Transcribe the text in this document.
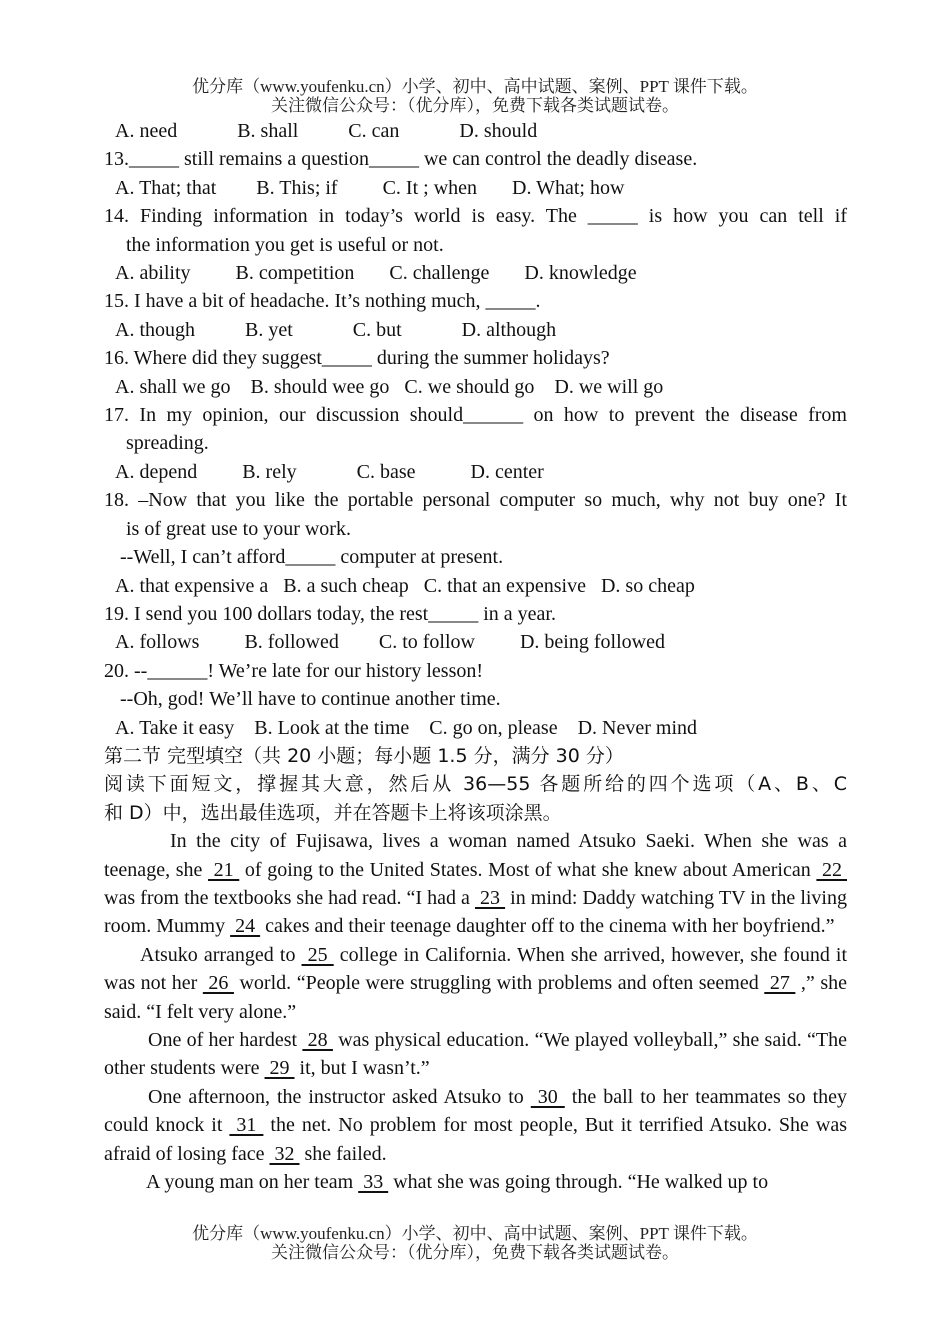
优分库（www.youfenku.cn）小学、初中、高中试题、案例、PPT 课件下载。
关注微信公众号：（优分库），免费下载各类试题试卷。

A. need            B. shall          C. can            D. should

13._____ still remains a question_____ we can control the deadly disease.

A. That; that        B. This; if         C. It ; when       D. What; how

14. Finding information in today’s world is easy. The _____ is how you can tell if

the information you get is useful or not.

A. ability         B. competition       C. challenge       D. knowledge

15. I have a bit of headache. It’s nothing much, _____.

A. though          B. yet            C. but            D. although

16. Where did they suggest_____ during the summer holidays?

A. shall we go    B. should wee go   C. we should go    D. we will go

17. In my opinion, our discussion should______ on how to prevent the disease from

spreading.

A. depend         B. rely            C. base           D. center

18. –Now that you like the portable personal computer so much, why not buy one? It

is of great use to your work.

--Well, I can’t afford_____ computer at present.

A. that expensive a   B. a such cheap   C. that an expensive   D. so cheap

19. I send you 100 dollars today, the rest_____ in a year.

A. follows         B. followed        C. to follow         D. being followed

20. --______! We’re late for our history lesson!

--Oh, god! We’ll have to continue another time.

A. Take it easy    B. Look at the time    C. go on, please    D. Never mind

第二节 完型填空（共 20 小题；每小题 1.5 分，满分 30 分）

阅读下面短文，撑握其大意，然后从 36—55 各题所给的四个选项（A、B、C

和 D）中，选出最佳选项，并在答题卡上将该项涂黑。

In the city of Fujisawa, lives a woman named Atsuko Saeki. When she was a teenage, she  21  of going to the United States. Most of what she knew about American  22  was from the textbooks she had read. “I had a  23  in mind: Daddy watching TV in the living room. Mummy  24  cakes and their teenage daughter off to the cinema with her boyfriend.”

Atsuko arranged to  25  college in California. When she arrived, however, she found it was not her  26  world. “People were struggling with problems and often seemed  27  ,” she said. “I felt very alone.”

One of her hardest  28  was physical education. “We played volleyball,” she said. “The other students were  29  it, but I wasn’t.”

One afternoon, the instructor asked Atsuko to  30  the ball to her teammates so they could knock it  31  the net. No problem for most people, But it terrified Atsuko. She was afraid of losing face  32  she failed.

A young man on her team  33  what she was going through. “He walked up to

优分库（www.youfenku.cn）小学、初中、高中试题、案例、PPT 课件下载。
关注微信公众号：（优分库），免费下载各类试题试卷。
